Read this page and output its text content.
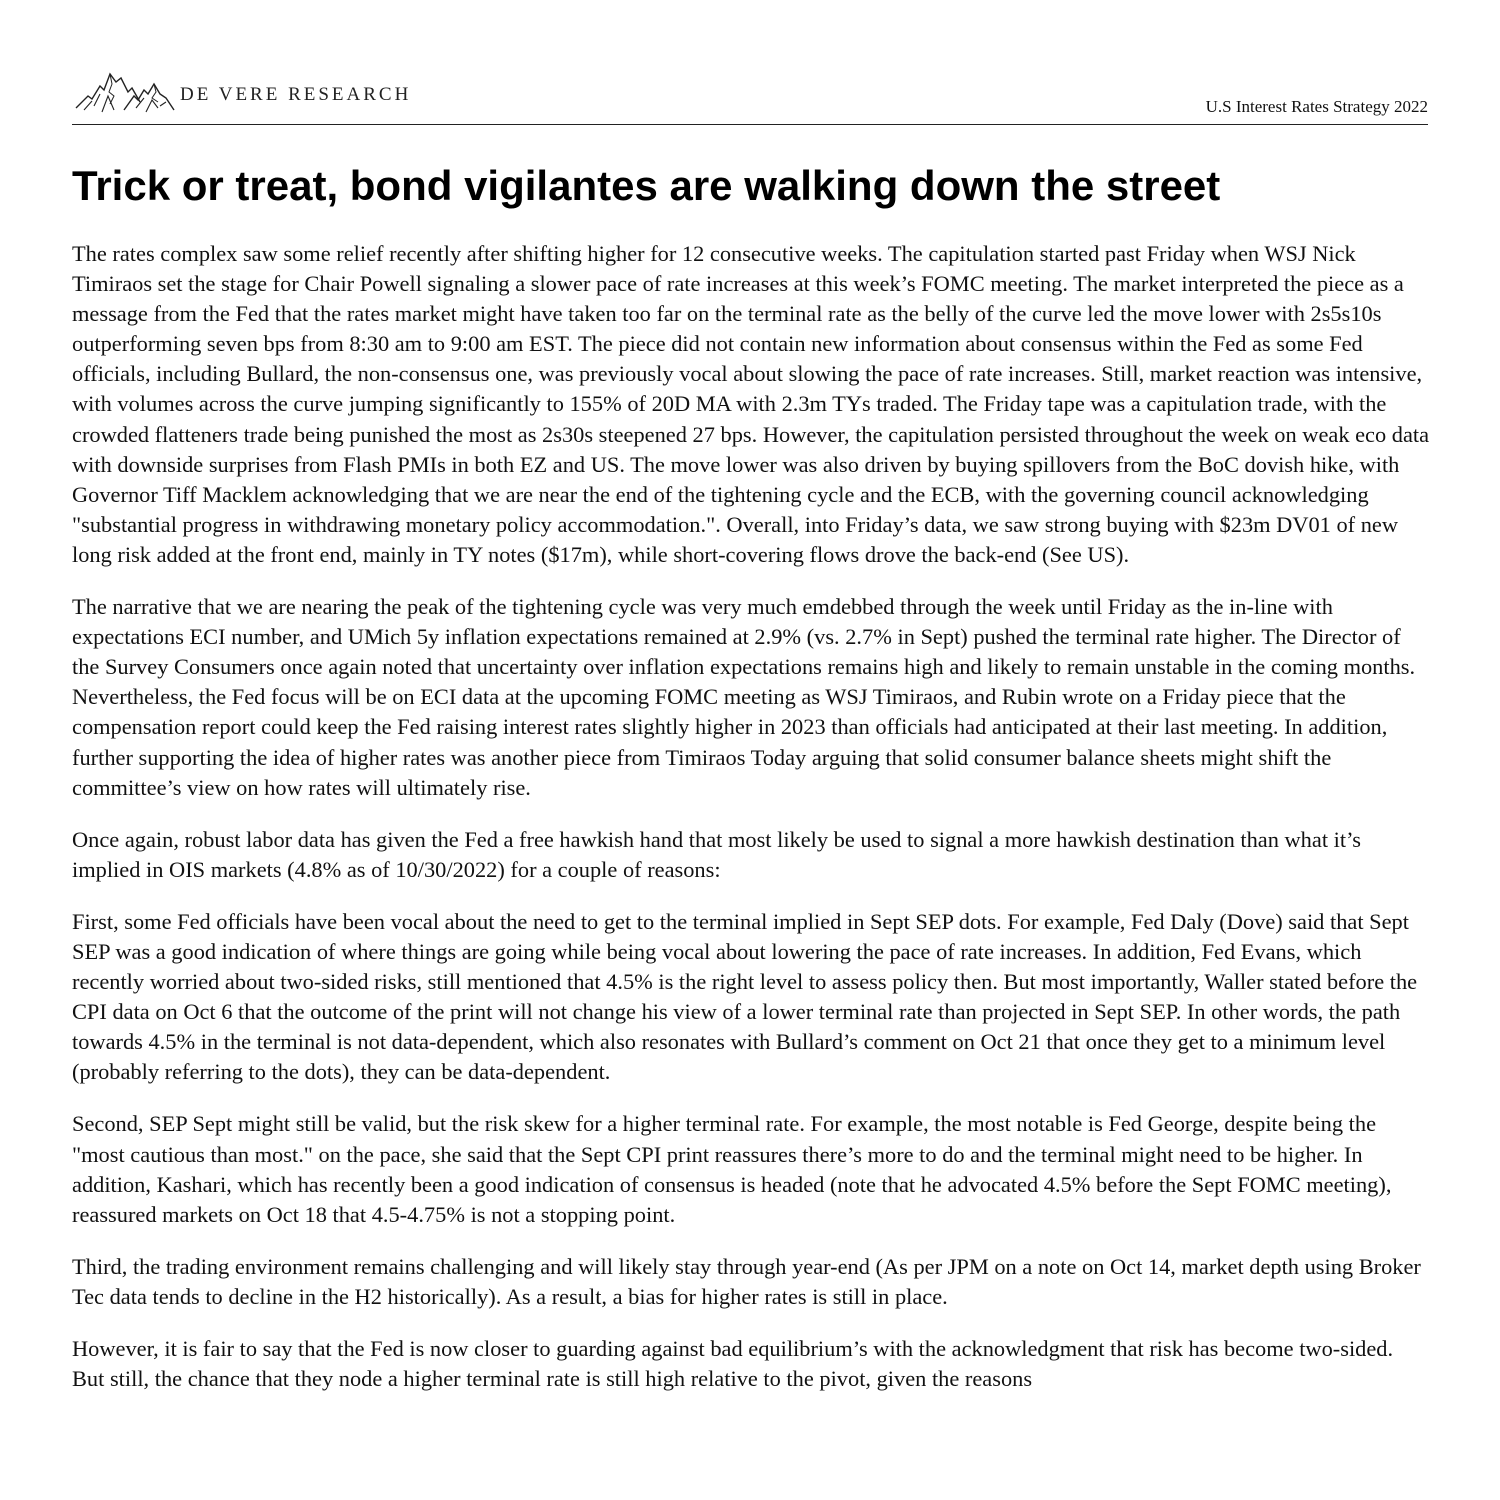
DE VERE RESEARCH
U.S Interest Rates Strategy 2022
Trick or treat, bond vigilantes are walking down the street

The rates complex saw some relief recently after shifting higher for 12 consecutive weeks. The capitulation started past Friday when WSJ Nick Timiraos set the stage for Chair Powell signaling a slower pace of rate increases at this week’s FOMC meeting. The market interpreted the piece as a message from the Fed that the rates market might have taken too far on the terminal rate as the belly of the curve led the move lower with 2s5s10s outperforming seven bps from 8:30 am to 9:00 am EST. The piece did not contain new information about consensus within the Fed as some Fed officials, including Bullard, the non-consensus one, was previously vocal about slowing the pace of rate increases. Still, market reaction was intensive, with volumes across the curve jumping significantly to 155% of 20D MA with 2.3m TYs traded. The Friday tape was a capitulation trade, with the crowded flatteners trade being punished the most as 2s30s steepened 27 bps. However, the capitulation persisted throughout the week on weak eco data with downside surprises from Flash PMIs in both EZ and US. The move lower was also driven by buying spillovers from the BoC dovish hike, with Governor Tiff Macklem acknowledging that we are near the end of the tightening cycle and the ECB, with the governing council acknowledging "substantial progress in withdrawing monetary policy accommodation.". Overall, into Friday’s data, we saw strong buying with $23m DV01 of new long risk added at the front end, mainly in TY notes ($17m), while short-covering flows drove the back-end (See US).

The narrative that we are nearing the peak of the tightening cycle was very much emdebbed through the week until Friday as the in-line with expectations ECI number, and UMich 5y inflation expectations remained at 2.9% (vs. 2.7% in Sept) pushed the terminal rate higher. The Director of the Survey Consumers once again noted that uncertainty over inflation expectations remains high and likely to remain unstable in the coming months. Nevertheless, the Fed focus will be on ECI data at the upcoming FOMC meeting as WSJ Timiraos, and Rubin wrote on a Friday piece that the compensation report could keep the Fed raising interest rates slightly higher in 2023 than officials had anticipated at their last meeting. In addition, further supporting the idea of higher rates was another piece from Timiraos Today arguing that solid consumer balance sheets might shift the committee’s view on how rates will ultimately rise.

Once again, robust labor data has given the Fed a free hawkish hand that most likely be used to signal a more hawkish destination than what it’s implied in OIS markets (4.8% as of 10/30/2022) for a couple of reasons:

First, some Fed officials have been vocal about the need to get to the terminal implied in Sept SEP dots. For example, Fed Daly (Dove) said that Sept SEP was a good indication of where things are going while being vocal about lowering the pace of rate increases. In addition, Fed Evans, which recently worried about two-sided risks, still mentioned that 4.5% is the right level to assess policy then. But most importantly, Waller stated before the CPI data on Oct 6 that the outcome of the print will not change his view of a lower terminal rate than projected in Sept SEP. In other words, the path towards 4.5% in the terminal is not data-dependent, which also resonates with Bullard’s comment on Oct 21 that once they get to a minimum level (probably referring to the dots), they can be data-dependent.

Second, SEP Sept might still be valid, but the risk skew for a higher terminal rate. For example, the most notable is Fed George, despite being the "most cautious than most." on the pace, she said that the Sept CPI print reassures there’s more to do and the terminal might need to be higher. In addition, Kashari, which has recently been a good indication of consensus is headed (note that he advocated 4.5% before the Sept FOMC meeting), reassured markets on Oct 18 that 4.5-4.75% is not a stopping point.

Third, the trading environment remains challenging and will likely stay through year-end (As per JPM on a note on Oct 14, market depth using Broker Tec data tends to decline in the H2 historically). As a result, a bias for higher rates is still in place.

However, it is fair to say that the Fed is now closer to guarding against bad equilibrium’s with the acknowledgment that risk has become two-sided. But still, the chance that they node a higher terminal rate is still high relative to the pivot, given the reasons
